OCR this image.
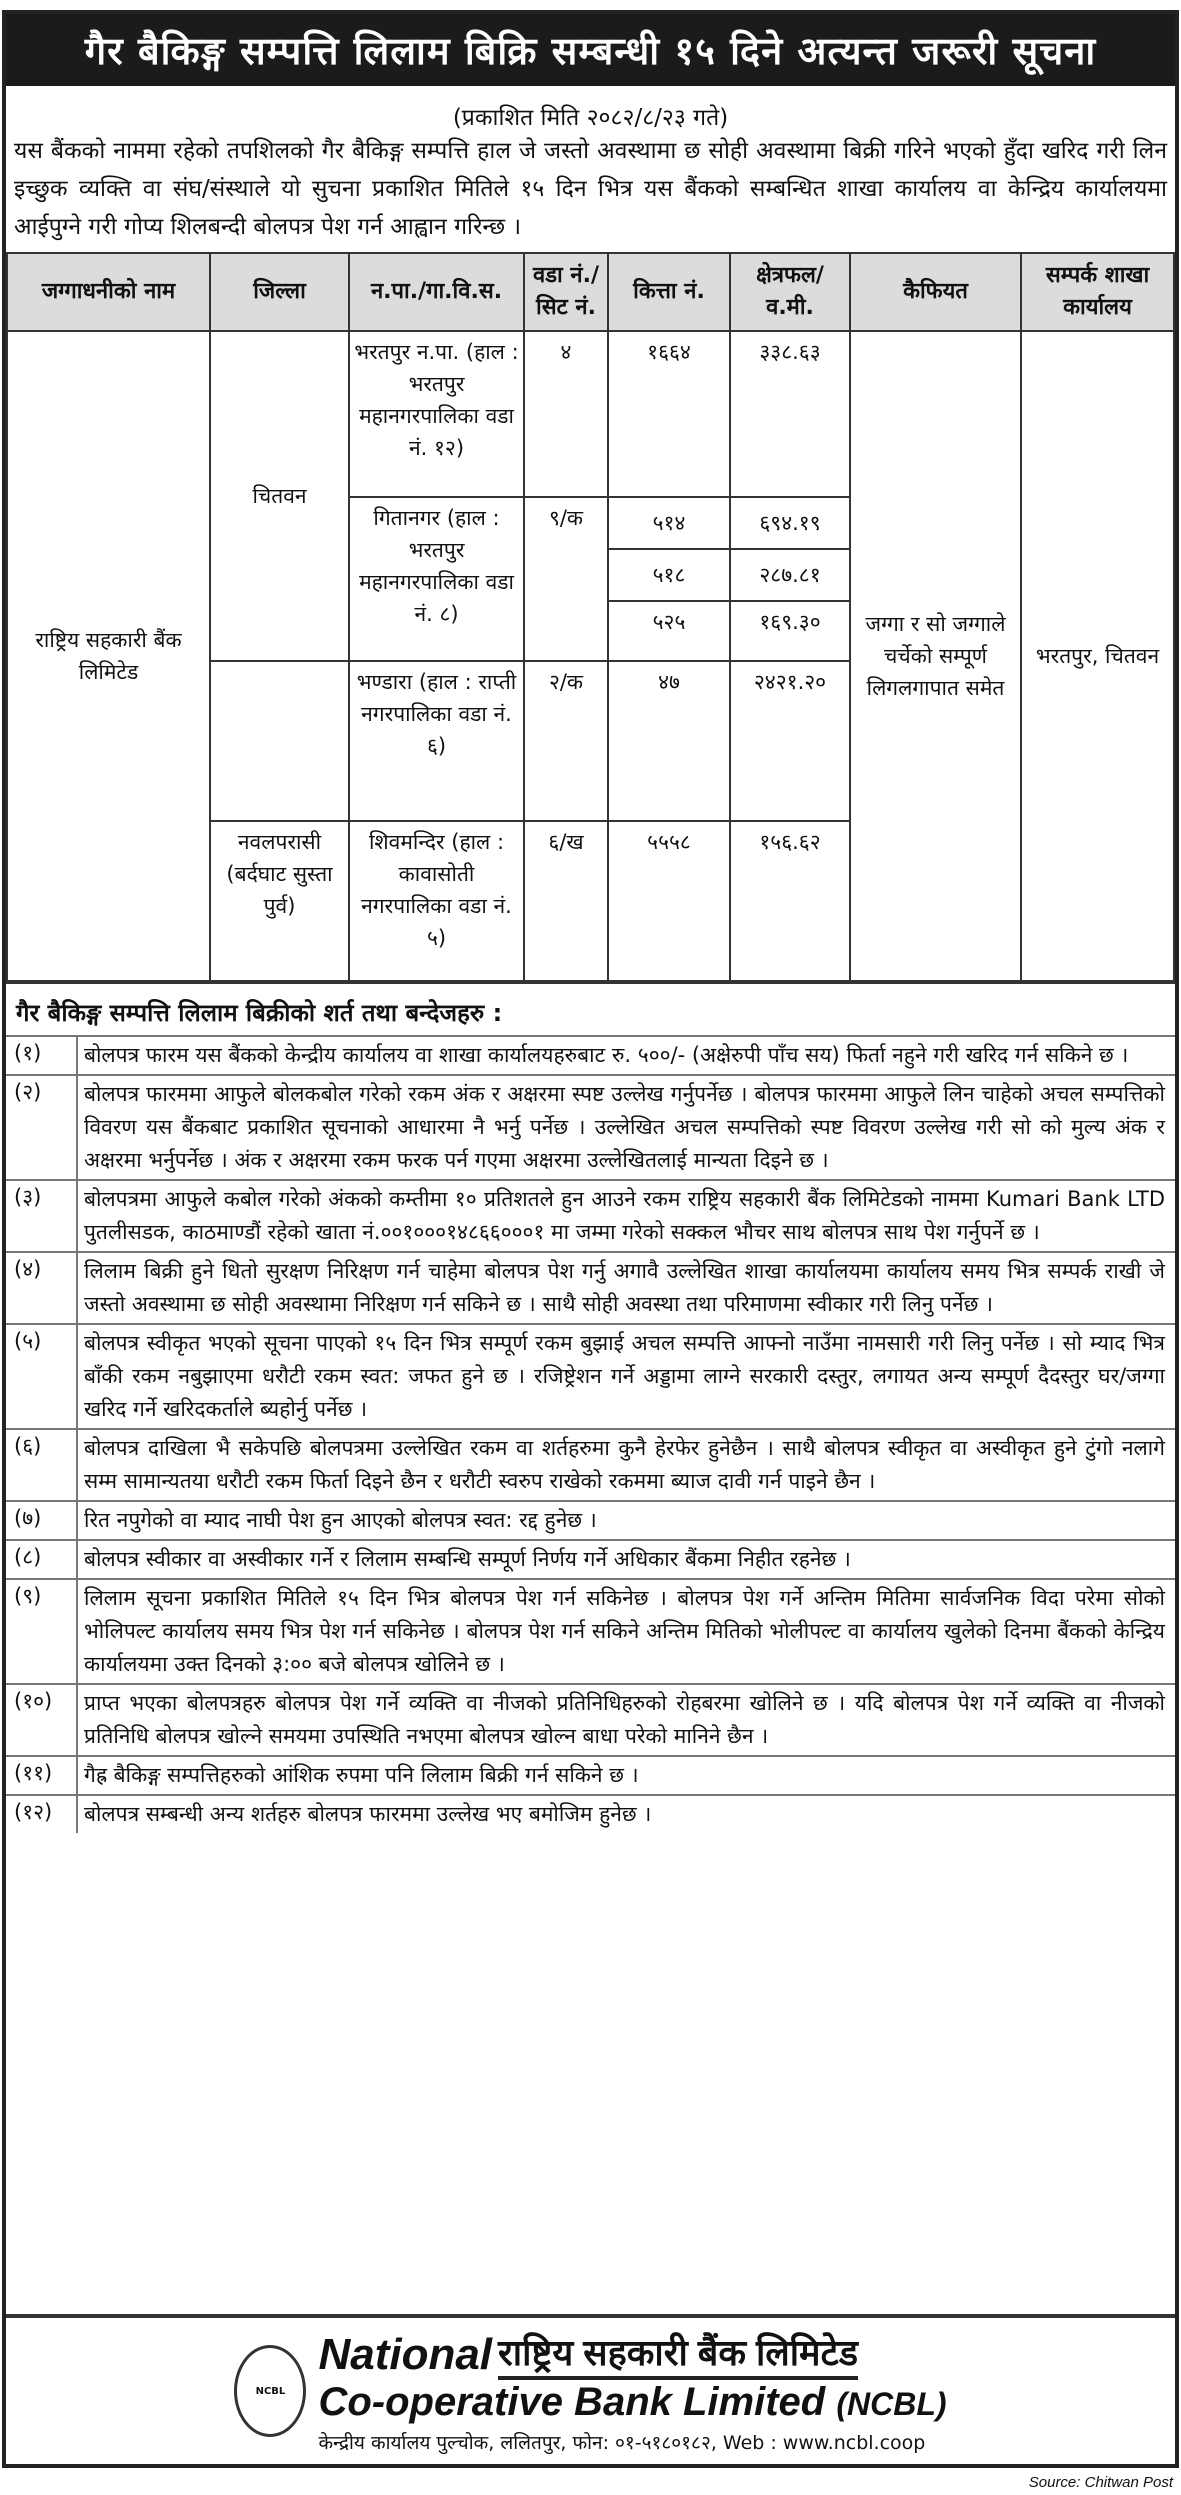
गैर बैकिङ्ग सम्पत्ति लिलाम बिक्रि सम्बन्धी १५ दिने अत्यन्त जरूरी सूचना
(प्रकाशित मिति २०८२/८/२३ गते)
यस बैंकको नाममा रहेको तपशिलको गैर बैकिङ्ग सम्पत्ति हाल जे जस्तो अवस्थामा छ सोही अवस्थामा बिक्री गरिने भएको हुँदा खरिद गरी लिन इच्छुक व्यक्ति वा संघ/संस्थाले यो सुचना प्रकाशित मितिले १५ दिन भित्र यस बैंकको सम्बन्धित शाखा कार्यालय वा केन्द्रिय कार्यालयमा आईपुग्ने गरी गोप्य शिलबन्दी बोलपत्र पेश गर्न आह्वान गरिन्छ ।
जग्गाधनीको नाम	जिल्ला	न.पा./गा.वि.स.	वडा नं./ सिट नं.	कित्ता नं.	क्षेत्रफल/ व.मी.	कैफियत	सम्पर्क शाखा कार्यालय
राष्ट्रिय सहकारी बैंक लिमिटेड	चितवन	भरतपुर न.पा. (हाल : भरतपुर महानगरपालिका वडा नं. १२)	४	१६६४	३३८.६३	जग्गा र सो जग्गाले चर्चेको सम्पूर्ण लिगलगापात समेत	भरतपुर, चितवन
		गितानगर (हाल : भरतपुर महानगरपालिका वडा नं. ८)	९/क	५१४	६९४.१९		
				५१८	२८७.८१		
				५२५	१६९.३०		
		भण्डारा (हाल : राप्ती नगरपालिका वडा नं. ६)	२/क	४७	२४२१.२०		
	नवलपरासी (बर्दघाट सुस्ता पुर्व)	शिवमन्दिर (हाल : कावासोती नगरपालिका वडा नं. ५)	६/ख	५५५८	१५६.६२		
गैर बैकिङ्ग सम्पत्ति लिलाम बिक्रीको शर्त तथा बन्देजहरु :
(१)	बोलपत्र फारम यस बैंकको केन्द्रीय कार्यालय वा शाखा कार्यालयहरुबाट रु. ५००/- (अक्षेरुपी पाँच सय) फिर्ता नहुने गरी खरिद गर्न सकिने छ ।
(२)	बोलपत्र फारममा आफुले बोलकबोल गरेको रकम अंक र अक्षरमा स्पष्ट उल्लेख गर्नुपर्नेछ । बोलपत्र फारममा आफुले लिन चाहेको अचल सम्पत्तिको विवरण यस बैंकबाट प्रकाशित सूचनाको आधारमा नै भर्नु पर्नेछ । उल्लेखित अचल सम्पत्तिको स्पष्ट विवरण उल्लेख गरी सो को मुल्य अंक र अक्षरमा भर्नुपर्नेछ । अंक र अक्षरमा रकम फरक पर्न गएमा अक्षरमा उल्लेखितलाई मान्यता दिइने छ ।
(३)	बोलपत्रमा आफुले कबोल गरेको अंकको कम्तीमा १० प्रतिशतले हुन आउने रकम राष्ट्रिय सहकारी बैंक लिमिटेडको नाममा Kumari Bank LTD पुतलीसडक, काठमाण्डौं रहेको खाता नं.००१०००१४८६६०००१ मा जम्मा गरेको सक्कल भौचर साथ बोलपत्र साथ पेश गर्नुपर्ने छ ।
(४)	लिलाम बिक्री हुने धितो सुरक्षण निरिक्षण गर्न चाहेमा बोलपत्र पेश गर्नु अगावै उल्लेखित शाखा कार्यालयमा कार्यालय समय भित्र सम्पर्क राखी जे जस्तो अवस्थामा छ सोही अवस्थामा निरिक्षण गर्न सकिने छ । साथै सोही अवस्था तथा परिमाणमा स्वीकार गरी लिनु पर्नेछ ।
(५)	बोलपत्र स्वीकृत भएको सूचना पाएको १५ दिन भित्र सम्पूर्ण रकम बुझाई अचल सम्पत्ति आफ्नो नाउँमा नामसारी गरी लिनु पर्नेछ । सो म्याद भित्र बाँकी रकम नबुझाएमा धरौटी रकम स्वत: जफत हुने छ । रजिष्ट्रेशन गर्ने अड्डामा लाग्ने सरकारी दस्तुर, लगायत अन्य सम्पूर्ण दैदस्तुर घर/जग्गा खरिद गर्ने खरिदकर्ताले ब्यहोर्नु पर्नेछ ।
(६)	बोलपत्र दाखिला भै सकेपछि बोलपत्रमा उल्लेखित रकम वा शर्तहरुमा कुनै हेरफेर हुनेछैन । साथै बोलपत्र स्वीकृत वा अस्वीकृत हुने टुंगो नलागे सम्म सामान्यतया धरौटी रकम फिर्ता दिइने छैन र धरौटी स्वरुप राखेको रकममा ब्याज दावी गर्न पाइने छैन ।
(७)	रित नपुगेको वा म्याद नाघी पेश हुन आएको बोलपत्र स्वत: रद्द हुनेछ ।
(८)	बोलपत्र स्वीकार वा अस्वीकार गर्ने र लिलाम सम्बन्धि सम्पूर्ण निर्णय गर्ने अधिकार बैंकमा निहीत रहनेछ ।
(९)	लिलाम सूचना प्रकाशित मितिले १५ दिन भित्र बोलपत्र पेश गर्न सकिनेछ । बोलपत्र पेश गर्ने अन्तिम मितिमा सार्वजनिक विदा परेमा सोको भोलिपल्ट कार्यालय समय भित्र पेश गर्न सकिनेछ । बोलपत्र पेश गर्न सकिने अन्तिम मितिको भोलीपल्ट वा कार्यालय खुलेको दिनमा बैंकको केन्द्रिय कार्यालयमा उक्त दिनको ३:०० बजे बोलपत्र खोलिने छ ।
(१०)	प्राप्त भएका बोलपत्रहरु बोलपत्र पेश गर्ने व्यक्ति वा नीजको प्रतिनिधिहरुको रोहबरमा खोलिने छ । यदि बोलपत्र पेश गर्ने व्यक्ति वा नीजको प्रतिनिधि बोलपत्र खोल्ने समयमा उपस्थिति नभएमा बोलपत्र खोल्न बाधा परेको मानिने छैन ।
(११)	गैह्र बैकिङ्ग सम्पत्तिहरुको आंशिक रुपमा पनि लिलाम बिक्री गर्न सकिने छ ।
(१२)	बोलपत्र सम्बन्धी अन्य शर्तहरु बोलपत्र फारममा उल्लेख भए बमोजिम हुनेछ ।
NCBL
National राष्ट्रिय सहकारी बैंक लिमिटेड
Co-operative Bank Limited (NCBL)
केन्द्रीय कार्यालय पुल्चोक, ललितपुर, फोन: ०१-५१८०१८२, Web : www.ncbl.coop
Source: Chitwan Post
